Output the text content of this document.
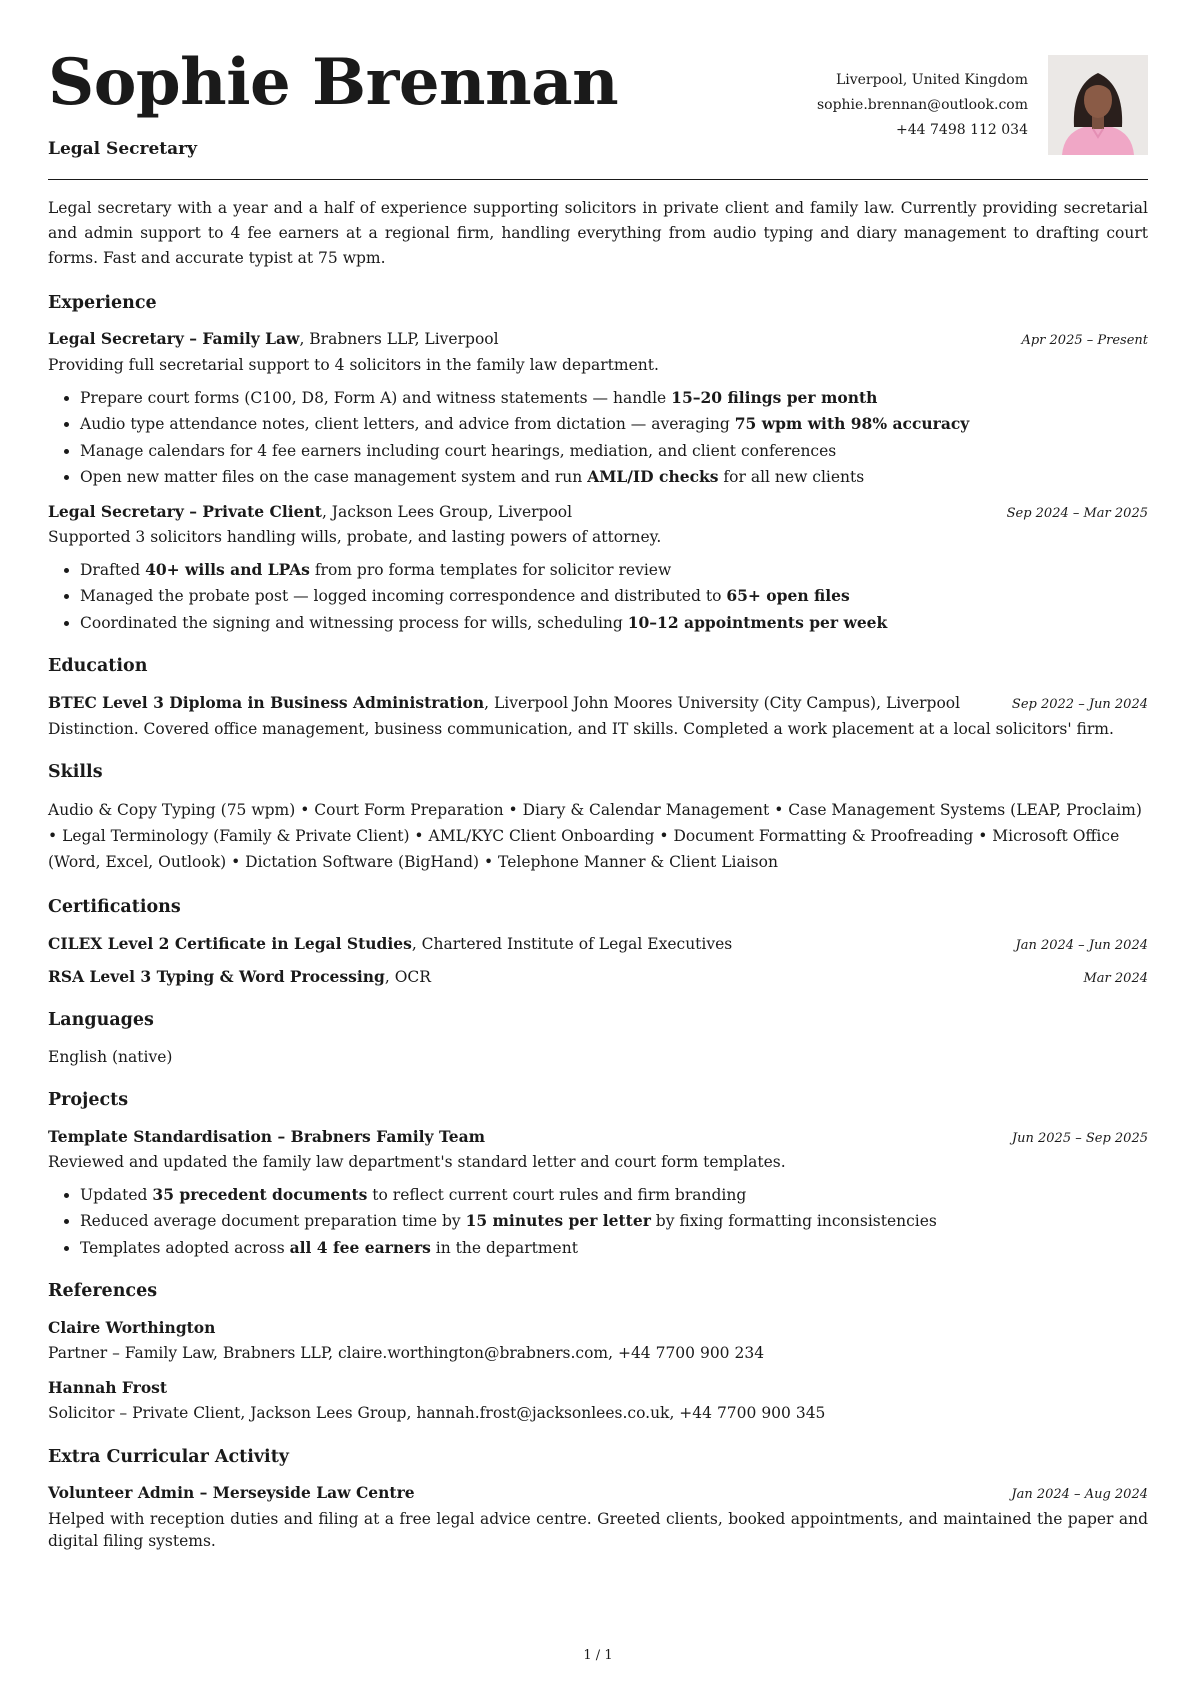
Sophie Brennan
Legal Secretary
Liverpool, United Kingdom
sophie.brennan@outlook.com
+44 7498 112 034
Legal secretary with a year and a half of experience supporting solicitors in private client and family law. Currently providing secretarial and admin support to 4 fee earners at a regional firm, handling everything from audio typing and diary management to drafting court forms. Fast and accurate typist at 75 wpm.
Experience
Legal Secretary – Family Law, Brabners LLP, Liverpool	Apr 2025 – Present

Providing full secretarial support to 4 solicitors in the family law department.

• Prepare court forms (C100, D8, Form A) and witness statements — handle 15–20 filings per month
• Audio type attendance notes, client letters, and advice from dictation — averaging 75 wpm with 98% accuracy
• Manage calendars for 4 fee earners including court hearings, mediation, and client conferences
• Open new matter files on the case management system and run AML/ID checks for all new clients
Legal Secretary – Private Client, Jackson Lees Group, Liverpool	Sep 2024 – Mar 2025

Supported 3 solicitors handling wills, probate, and lasting powers of attorney.

• Drafted 40+ wills and LPAs from pro forma templates for solicitor review
• Managed the probate post — logged incoming correspondence and distributed to 65+ open files
• Coordinated the signing and witnessing process for wills, scheduling 10–12 appointments per week
Education
BTEC Level 3 Diploma in Business Administration, Liverpool John Moores University (City Campus), Liverpool	Sep 2022 – Jun 2024

Distinction. Covered office management, business communication, and IT skills. Completed a work placement at a local solicitors' firm.

Skills
Audio & Copy Typing (75 wpm) • Court Form Preparation • Diary & Calendar Management • Case Management Systems (LEAP, Proclaim) • Legal Terminology (Family & Private Client) • AML/KYC Client Onboarding • Document Formatting & Proofreading • Microsoft Office (Word, Excel, Outlook) • Dictation Software (BigHand) • Telephone Manner & Client Liaison
Certifications
CILEX Level 2 Certificate in Legal Studies, Chartered Institute of Legal Executives	Jan 2024 – Jun 2024
RSA Level 3 Typing & Word Processing, OCR	Mar 2024
Languages
English (native)
Projects
Template Standardisation – Brabners Family Team	Jun 2025 – Sep 2025

Reviewed and updated the family law department's standard letter and court form templates.

• Updated 35 precedent documents to reflect current court rules and firm branding
• Reduced average document preparation time by 15 minutes per letter by fixing formatting inconsistencies
• Templates adopted across all 4 fee earners in the department
References
Claire Worthington
Partner – Family Law, Brabners LLP, claire.worthington@brabners.com, +44 7700 900 234
Hannah Frost
Solicitor – Private Client, Jackson Lees Group, hannah.frost@jacksonlees.co.uk, +44 7700 900 345
Extra Curricular Activity
Volunteer Admin – Merseyside Law Centre	Jan 2024 – Aug 2024

Helped with reception duties and filing at a free legal advice centre. Greeted clients, booked appointments, and maintained the paper and digital filing systems.

1 / 1
